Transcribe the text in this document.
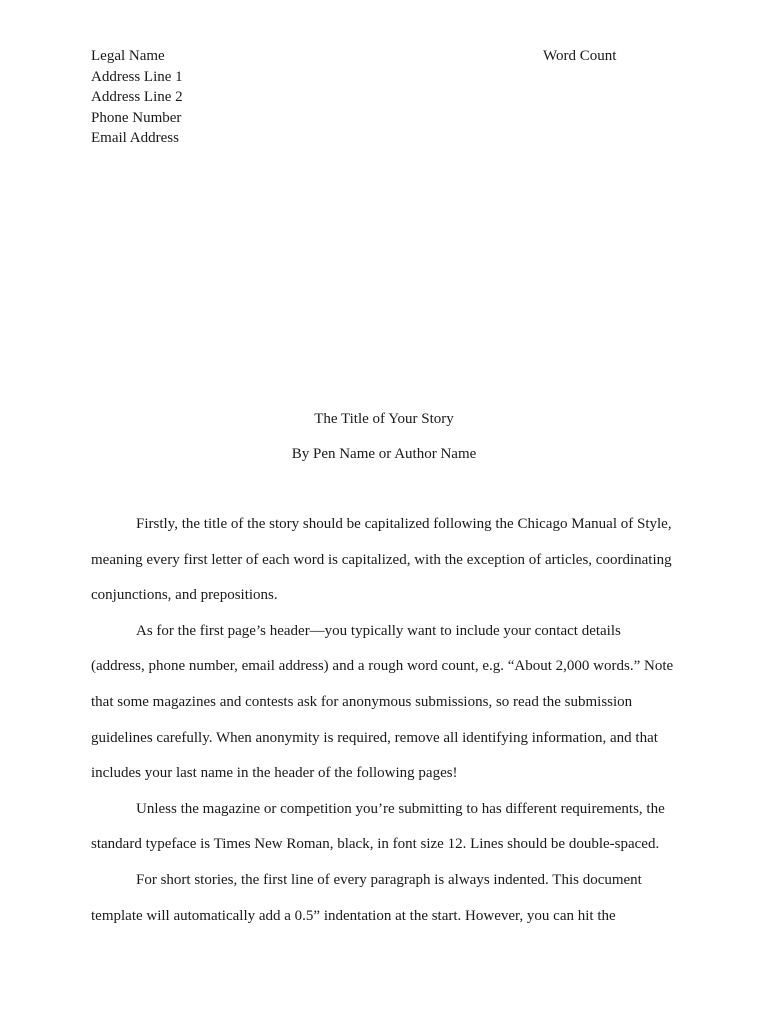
Legal Name
Address Line 1
Address Line 2
Phone Number
Email Address
Word Count
The Title of Your Story
By Pen Name or Author Name

Firstly, the title of the story should be capitalized following the Chicago Manual of Style, meaning every first letter of each word is capitalized, with the exception of articles, coordinating conjunctions, and prepositions.

As for the first page’s header—you typically want to include your contact details (address, phone number, email address) and a rough word count, e.g. “About 2,000 words.” Note that some magazines and contests ask for anonymous submissions, so read the submission guidelines carefully. When anonymity is required, remove all identifying information, and that includes your last name in the header of the following pages!

Unless the magazine or competition you’re submitting to has different requirements, the standard typeface is Times New Roman, black, in font size 12. Lines should be double-spaced.

For short stories, the first line of every paragraph is always indented. This document template will automatically add a 0.5” indentation at the start. However, you can hit the
